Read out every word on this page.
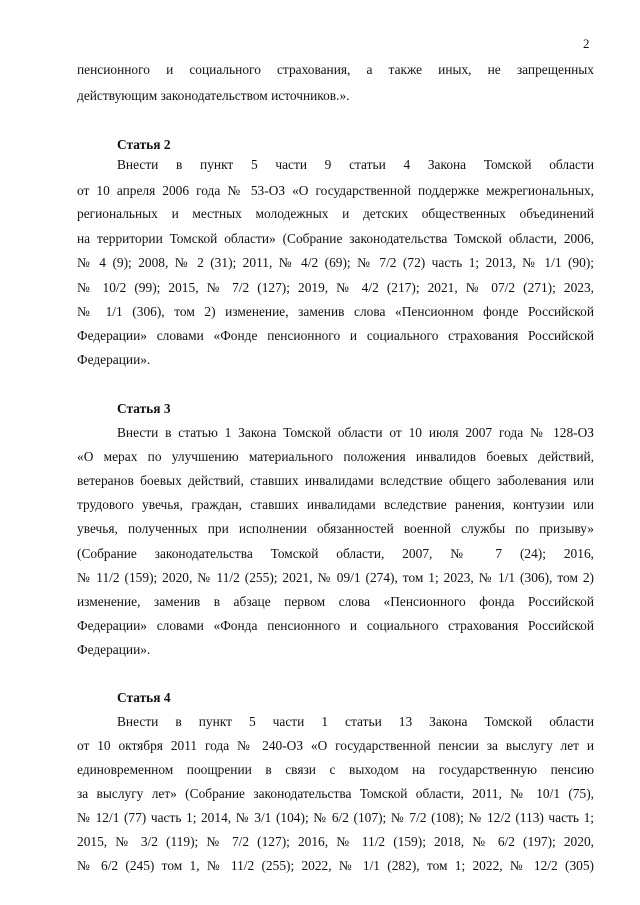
2
пенсионного и социального страхования, а также иных, не запрещенных
действующим законодательством источников.».
Статья 2
Внести в пункт 5 части 9 статьи 4 Закона Томской области
от 10 апреля 2006 года № 53-ОЗ «О государственной поддержке межрегиональных,
региональных и местных молодежных и детских общественных объединений
на территории Томской области» (Собрание законодательства Томской области, 2006,
№ 4 (9); 2008, № 2 (31); 2011, № 4/2 (69); № 7/2 (72) часть 1; 2013, № 1/1 (90);
№ 10/2 (99); 2015, № 7/2 (127); 2019, № 4/2 (217); 2021, № 07/2 (271); 2023,
№ 1/1 (306), том 2) изменение, заменив слова «Пенсионном фонде Российской
Федерации» словами «Фонде пенсионного и социального страхования Российской
Федерации».
Статья 3
Внести в статью 1 Закона Томской области от 10 июля 2007 года № 128-ОЗ
«О мерах по улучшению материального положения инвалидов боевых действий,
ветеранов боевых действий, ставших инвалидами вследствие общего заболевания или
трудового увечья, граждан, ставших инвалидами вследствие ранения, контузии или
увечья, полученных при исполнении обязанностей военной службы по призыву»
(Собрание законодательства Томской области, 2007, № 7 (24); 2016,
№ 11/2 (159); 2020, № 11/2 (255); 2021, № 09/1 (274), том 1; 2023, № 1/1 (306), том 2)
изменение, заменив в абзаце первом слова «Пенсионного фонда Российской
Федерации» словами «Фонда пенсионного и социального страхования Российской
Федерации».
Статья 4
Внести в пункт 5 части 1 статьи 13 Закона Томской области
от 10 октября 2011 года № 240-ОЗ «О государственной пенсии за выслугу лет и
единовременном поощрении в связи с выходом на государственную пенсию
за выслугу лет» (Собрание законодательства Томской области, 2011, № 10/1 (75),
№ 12/1 (77) часть 1; 2014, № 3/1 (104); № 6/2 (107); № 7/2 (108); № 12/2 (113) часть 1;
2015, № 3/2 (119); № 7/2 (127); 2016, № 11/2 (159); 2018, № 6/2 (197); 2020,
№ 6/2 (245) том 1, № 11/2 (255); 2022, № 1/1 (282), том 1; 2022, № 12/2 (305)
